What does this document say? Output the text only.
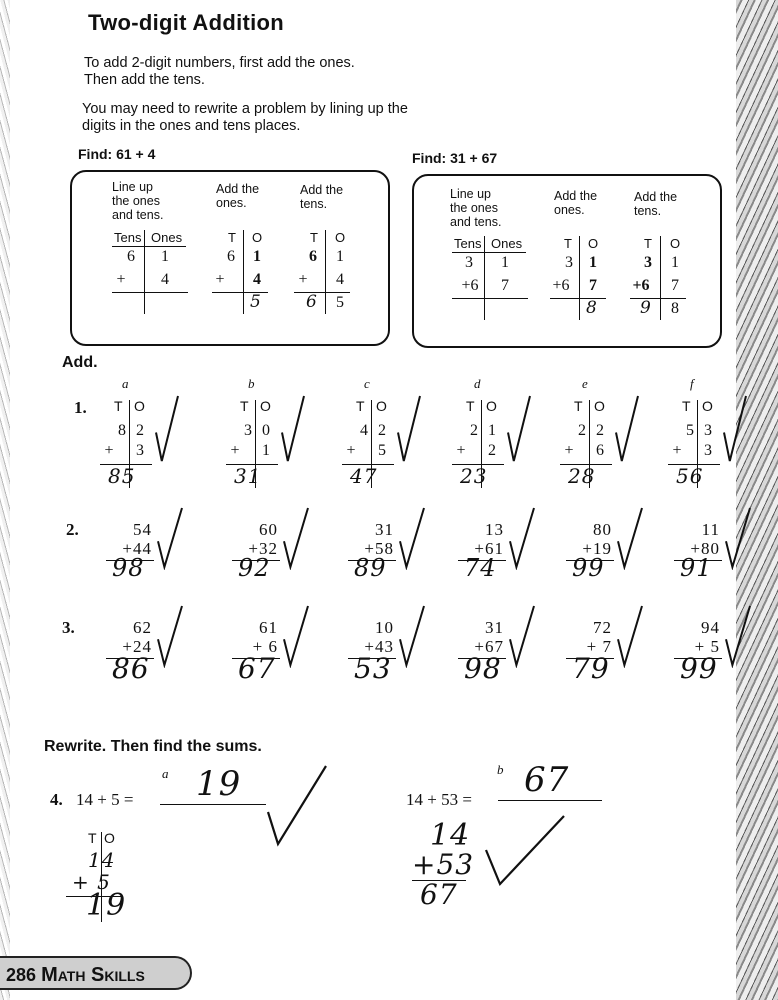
Two-digit Addition
To add 2-digit numbers, first add the ones.
Then add the tens.
You may need to rewrite a problem by lining up the
digits in the ones and tens places.
Find: 61 + 4
Line up
the ones
and tens.
Add the
ones.
Add the
tens.
Tens Ones
6	1
+	4
T O
6	1
+	4
5
T O
6	1
+	4
6	5
Find: 31 + 67
Line up
the ones
and tens.
Add the
ones.
Add the
tens.
Tens Ones
3	1
+6	7
T O
3	1
+6	7
8
T O
3	1
+6	7
9	8
Add.
a	b	c	d	e	f
1. T O
8 2
+	3
85
T O
3 0
+	1
31
T O
4 2
+	5
47
T O
2 1
+	2
23
T O
2 2
+	6
28
T O
5 3
+	3
56
2.	54
+44
98
60
+32
92
31
+58
89
13
+61
74
80
+19
99
11
+80
91
3.	62
+24
86
61
+ 6
67
10
+43
53
31
+67
98
72
+ 7
79
94
+ 5
99
Rewrite. Then find the sums.
4.
a
14 + 5 = 19	b
14 + 53 = 67
T O
14
+ 5
19
14
+53
67
286 Math Skills
